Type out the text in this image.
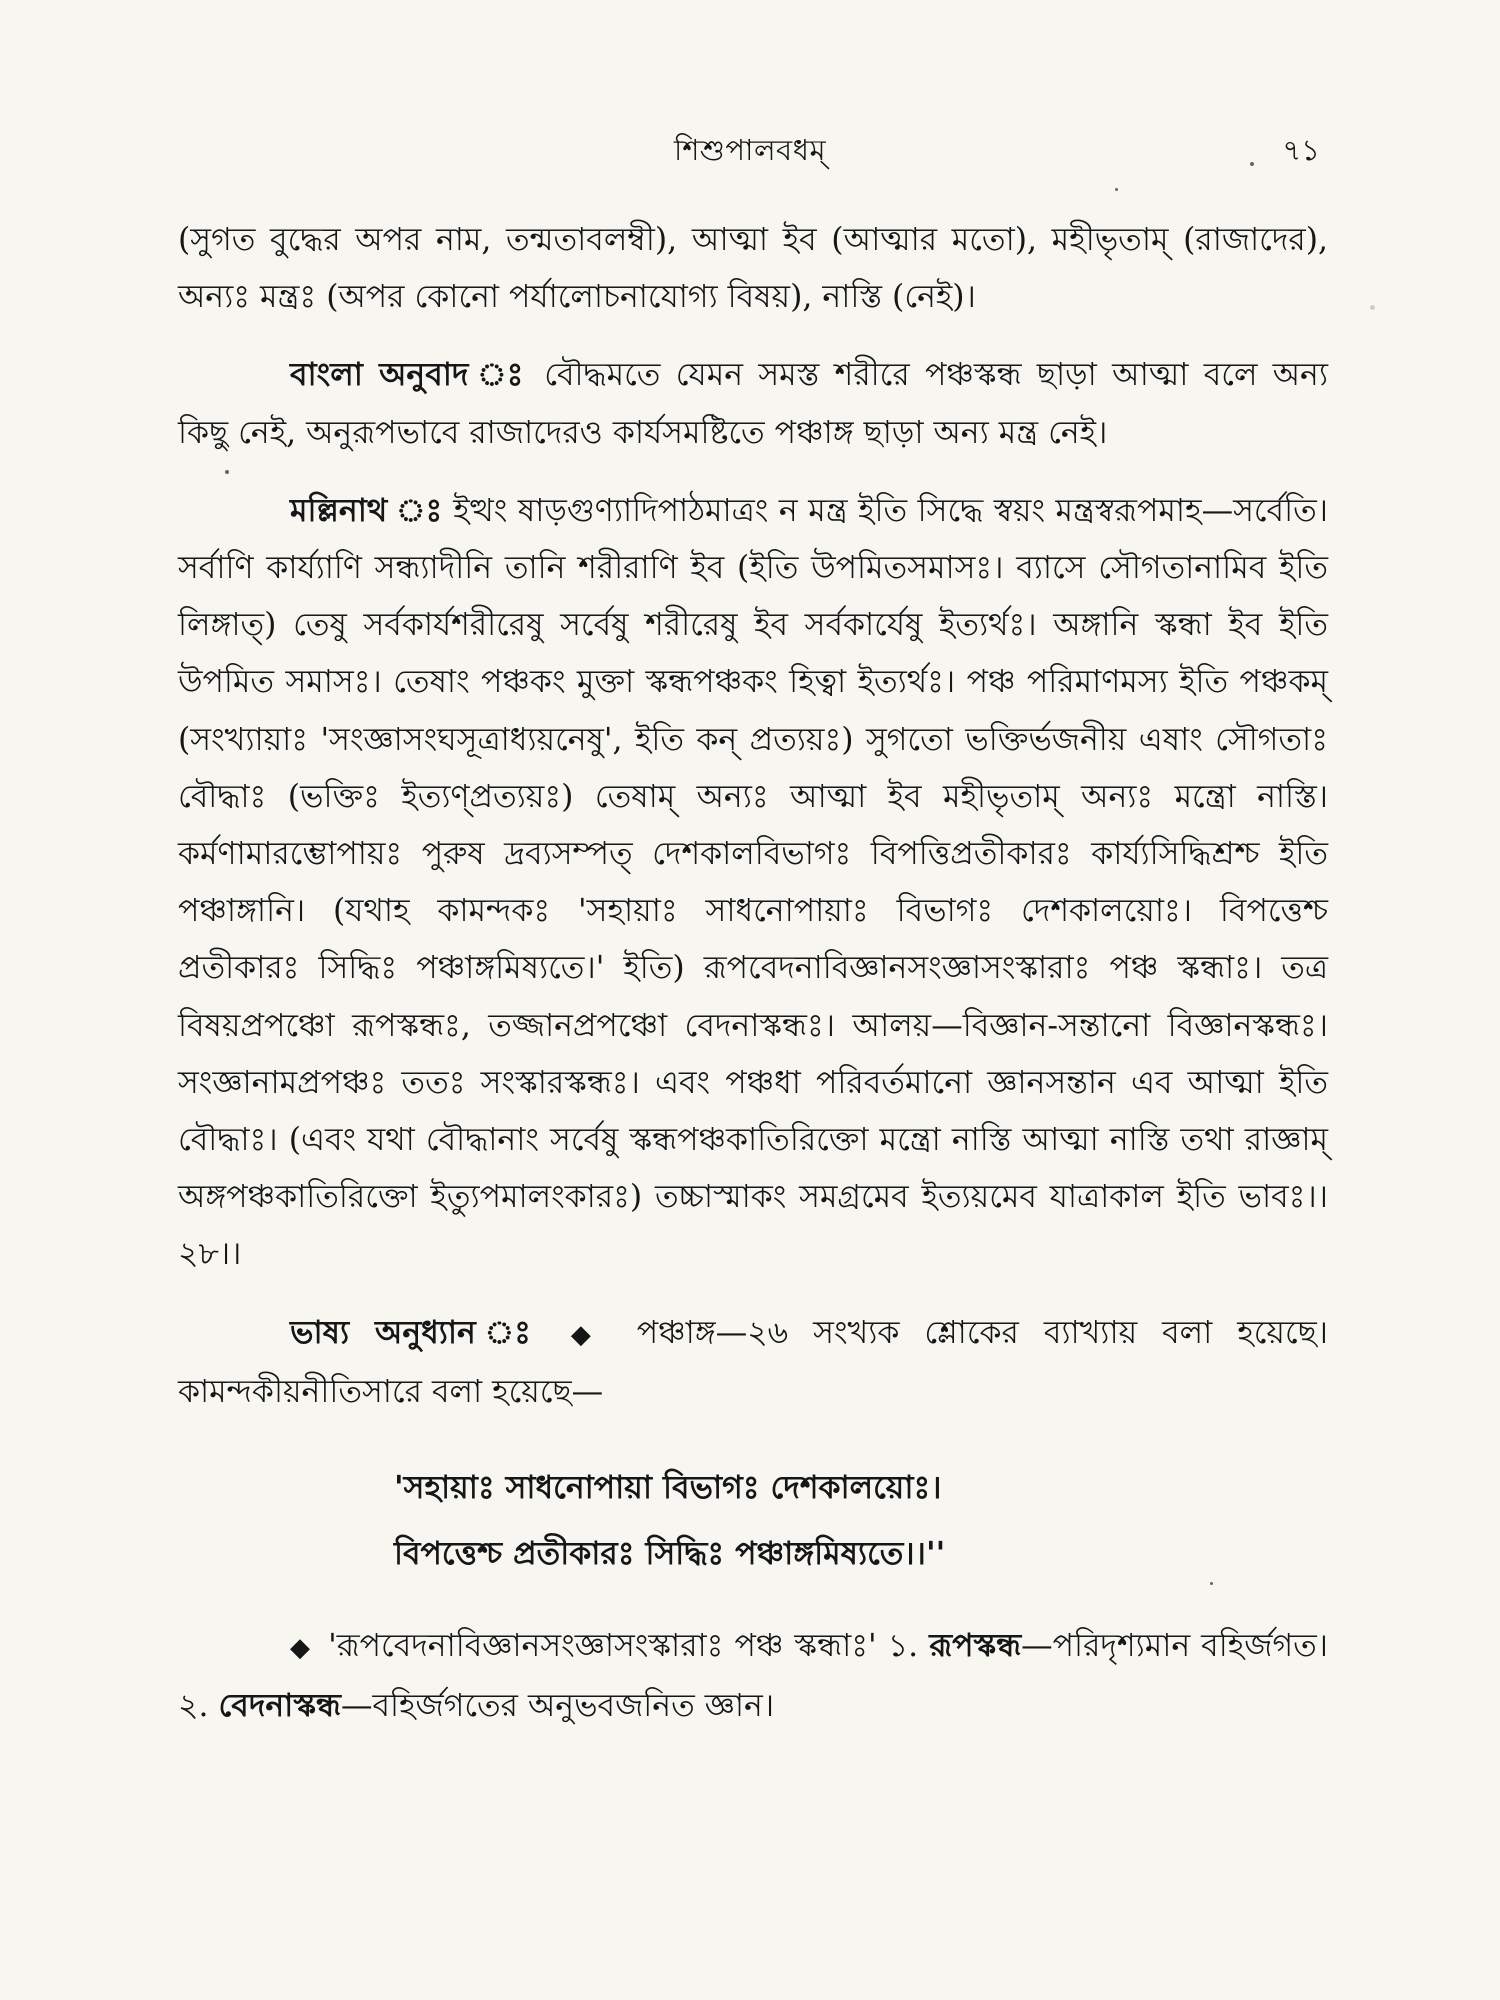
শিশুপালবধম্‌	৭১

(সুগত বুদ্ধের অপর নাম, তন্মতাবলম্বী), আত্মা ইব (আত্মার মতো), মহীভৃতাম্‌ (রাজাদের), অন্যঃ মন্ত্রঃ (অপর কোনো পর্যালোচনাযোগ্য বিষয়), নাস্তি (নেই)।

বাংলা অনুবাদ ঃ বৌদ্ধমতে যেমন সমস্ত শরীরে পঞ্চস্কন্ধ ছাড়া আত্মা বলে অন্য কিছু নেই, অনুরূপভাবে রাজাদেরও কার্যসমষ্টিতে পঞ্চাঙ্গ ছাড়া অন্য মন্ত্র নেই।

মল্লিনাথ ঃ ইত্থং ষাড়গুণ্যাদিপাঠমাত্রং ন মন্ত্র ইতি সিদ্ধে স্বয়ং মন্ত্রস্বরূপমাহ—সর্বেতি। সর্বাণি কার্য্যাণি সন্ধ্যাদীনি তানি শরীরাণি ইব (ইতি উপমিতসমাসঃ। ব্যাসে সৌগতানামিব ইতি লিঙ্গাত্‌) তেষু সর্বকার্যশরীরেষু সর্বেষু শরীরেষু ইব সর্বকার্যেষু ইত্যর্থঃ। অঙ্গানি স্কন্ধা ইব ইতি উপমিত সমাসঃ। তেষাং পঞ্চকং মুক্তা স্কন্ধপঞ্চকং হিত্বা ইত্যর্থঃ। পঞ্চ পরিমাণমস্য ইতি পঞ্চকম্‌ (সংখ্যায়াঃ 'সংজ্ঞাসংঘসূত্রাধ্যয়নেষু', ইতি কন্‌ প্রত্যয়ঃ) সুগতো ভক্তির্ভজনীয় এষাং সৌগতাঃ বৌদ্ধাঃ (ভক্তিঃ ইত্যণ্প্রত্যয়ঃ) তেষাম্‌ অন্যঃ আত্মা ইব মহীভৃতাম্‌ অন্যঃ মন্ত্রো নাস্তি। কর্মণামারম্ভোপায়ঃ পুরুষ দ্রব্যসম্পত্‌ দেশকালবিভাগঃ বিপত্তিপ্রতীকারঃ কার্য্যসিদ্ধিশ্রশ্চ ইতি পঞ্চাঙ্গানি। (যথাহ কামন্দকঃ 'সহায়াঃ সাধনোপায়াঃ বিভাগঃ দেশকালয়োঃ। বিপত্তেশ্চ প্রতীকারঃ সিদ্ধিঃ পঞ্চাঙ্গমিষ্যতে।' ইতি) রূপবেদনাবিজ্ঞানসংজ্ঞাসংস্কারাঃ পঞ্চ স্কন্ধাঃ। তত্র বিষয়প্রপঞ্চো রূপস্কন্ধঃ, তজ্জানপ্রপঞ্চো বেদনাস্কন্ধঃ। আলয়—বিজ্ঞান-সন্তানো বিজ্ঞানস্কন্ধঃ। সংজ্ঞানামপ্রপঞ্চঃ ততঃ সংস্কারস্কন্ধঃ। এবং পঞ্চধা পরিবর্তমানো জ্ঞানসন্তান এব আত্মা ইতি বৌদ্ধাঃ। (এবং যথা বৌদ্ধানাং সর্বেষু স্কন্ধপঞ্চকাতিরিক্তো মন্ত্রো নাস্তি আত্মা নাস্তি তথা রাজ্ঞাম্‌ অঙ্গপঞ্চকাতিরিক্তো ইত্যুপমালংকারঃ) তচ্চাস্মাকং সমগ্রমেব ইত্যয়মেব যাত্রাকাল ইতি ভাবঃ।।২৮।।

ভাষ্য অনুধ্যান ঃ ◆ পঞ্চাঙ্গ—২৬ সংখ্যক শ্লোকের ব্যাখ্যায় বলা হয়েছে। কামন্দকীয়নীতিসারে বলা হয়েছে—

'সহায়াঃ সাধনোপায়া বিভাগঃ দেশকালয়োঃ।
বিপত্তেশ্চ প্রতীকারঃ সিদ্ধিঃ পঞ্চাঙ্গমিষ্যতে।।''

◆ 'রূপবেদনাবিজ্ঞানসংজ্ঞাসংস্কারাঃ পঞ্চ স্কন্ধাঃ' ১. রূপস্কন্ধ—পরিদৃশ্যমান বহির্জগত। ২. বেদনাস্কন্ধ—বহির্জগতের অনুভবজনিত জ্ঞান।
